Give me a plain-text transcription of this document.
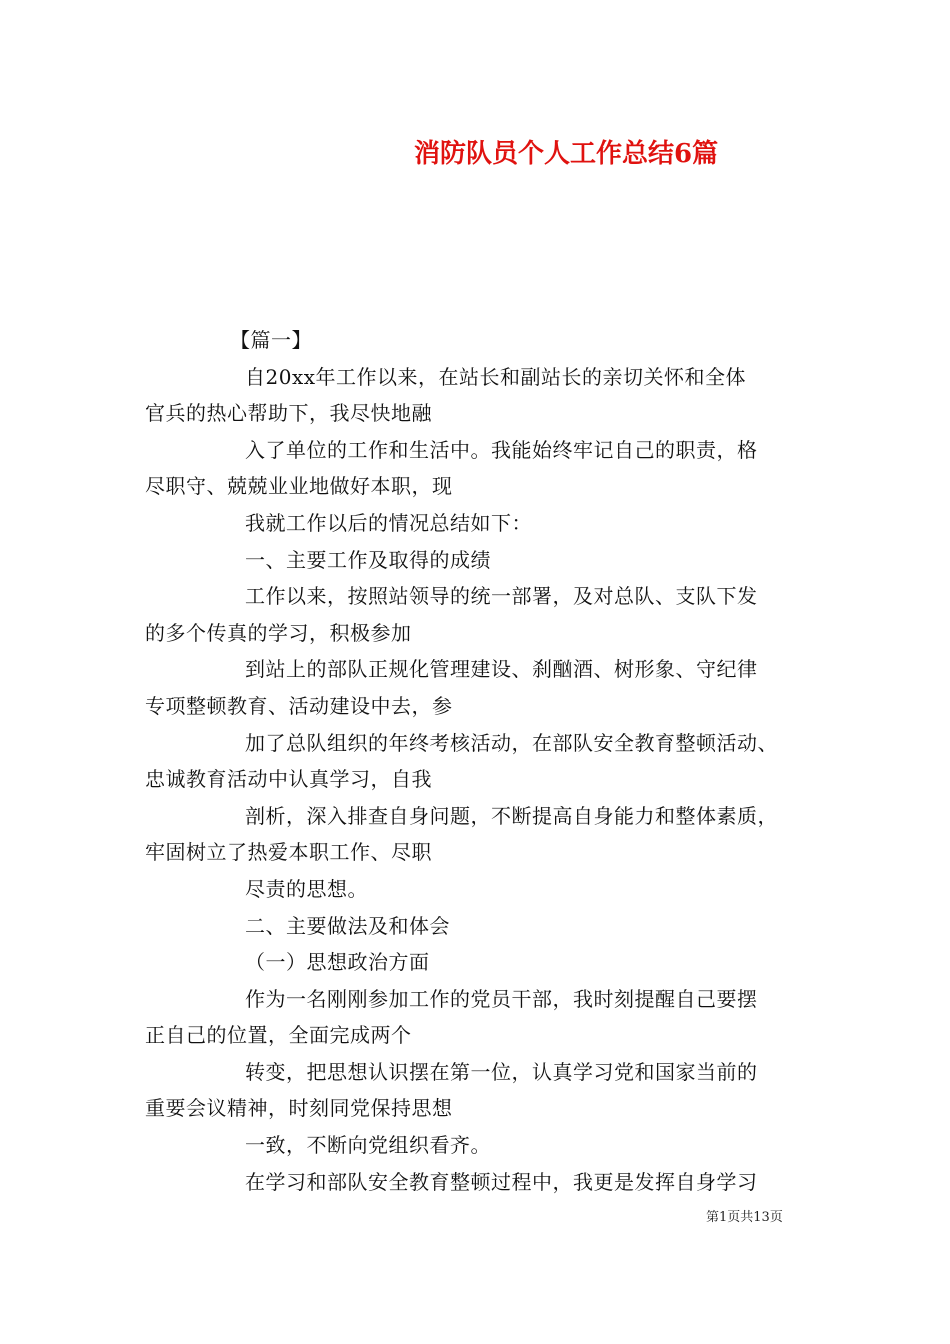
消防队员个人工作总结6篇
【篇一】
自20xx年工作以来，在站长和副站长的亲切关怀和全体
官兵的热心帮助下，我尽快地融
入了单位的工作和生活中。我能始终牢记自己的职责，格
尽职守、兢兢业业地做好本职，现
我就工作以后的情况总结如下：
一、主要工作及取得的成绩
工作以来，按照站领导的统一部署，及对总队、支队下发
的多个传真的学习，积极参加
到站上的部队正规化管理建设、刹酗酒、树形象、守纪律
专项整顿教育、活动建设中去，参
加了总队组织的年终考核活动，在部队安全教育整顿活动、
忠诚教育活动中认真学习，自我
剖析，深入排查自身问题，不断提高自身能力和整体素质，
牢固树立了热爱本职工作、尽职
尽责的思想。
二、主要做法及和体会
（一）思想政治方面
作为一名刚刚参加工作的党员干部，我时刻提醒自己要摆
正自己的位置，全面完成两个
转变，把思想认识摆在第一位，认真学习党和国家当前的
重要会议精神，时刻同党保持思想
一致，不断向党组织看齐。
在学习和部队安全教育整顿过程中，我更是发挥自身学习
第1页共13页
